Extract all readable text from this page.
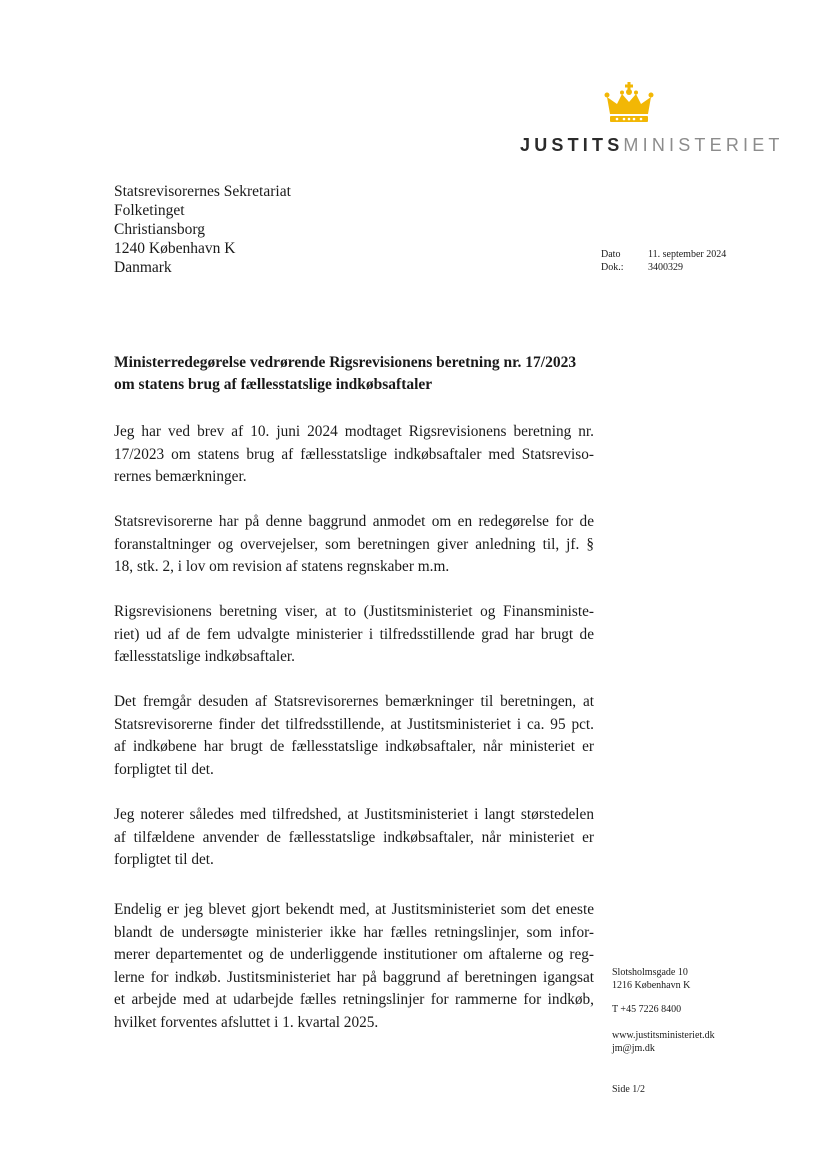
JUSTITSMINISTERIET
Statsrevisorernes Sekretariat
Folketinget
Christiansborg
1240 København K
Danmark
Dato	11. september 2024
Dok.: 3400329
Ministerredegørelse vedrørende Rigsrevisionens beretning nr. 17/2023
om statens brug af fællesstatslige indkøbsaftaler
Jeg har ved brev af 10. juni 2024 modtaget Rigsrevisionens beretning nr.
17/2023 om statens brug af fællesstatslige indkøbsaftaler med Statsreviso-
rernes bemærkninger.
Statsrevisorerne har på denne baggrund anmodet om en redegørelse for de
foranstaltninger og overvejelser, som beretningen giver anledning til, jf. §
18, stk. 2, i lov om revision af statens regnskaber m.m.
Rigsrevisionens beretning viser, at to (Justitsministeriet og Finansministe-
riet) ud af de fem udvalgte ministerier i tilfredsstillende grad har brugt de
fællesstatslige indkøbsaftaler.
Det fremgår desuden af Statsrevisorernes bemærkninger til beretningen, at
Statsrevisorerne finder det tilfredsstillende, at Justitsministeriet i ca. 95 pct.
af indkøbene har brugt de fællesstatslige indkøbsaftaler, når ministeriet er
forpligtet til det.
Jeg noterer således med tilfredshed, at Justitsministeriet i langt størstedelen
af tilfældene anvender de fællesstatslige indkøbsaftaler, når ministeriet er
forpligtet til det.
Endelig er jeg blevet gjort bekendt med, at Justitsministeriet som det eneste
blandt de undersøgte ministerier ikke har fælles retningslinjer, som infor-
merer departementet og de underliggende institutioner om aftalerne og reg-
lerne for indkøb. Justitsministeriet har på baggrund af beretningen igangsat
et arbejde med at udarbejde fælles retningslinjer for rammerne for indkøb,
hvilket forventes afsluttet i 1. kvartal 2025.
Slotsholmsgade 10
1216 København K
T +45 7226 8400
www.justitsministeriet.dk
jm@jm.dk
Side 1/2
